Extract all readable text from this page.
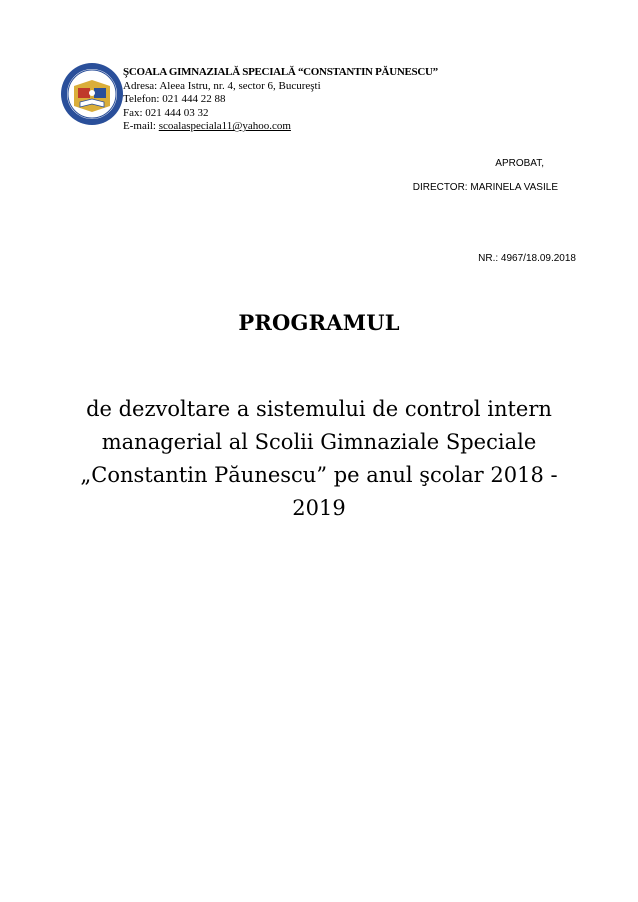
ŞCOALA GIMNAZIALĂ SPECIALĂ “CONSTANTIN PĂUNESCU”
Adresa: Aleea Istru, nr. 4, sector 6, Bucureşti
Telefon: 021 444 22 88
Fax: 021 444 03 32
E-mail: scoalaspeciala11@yahoo.com
APROBAT,
DIRECTOR: MARINELA VASILE
NR.: 4967/18.09.2018
PROGRAMUL
de dezvoltare a sistemului de control intern managerial al Scolii Gimnaziale Speciale „Constantin Păunescu” pe anul şcolar 2018 - 2019
